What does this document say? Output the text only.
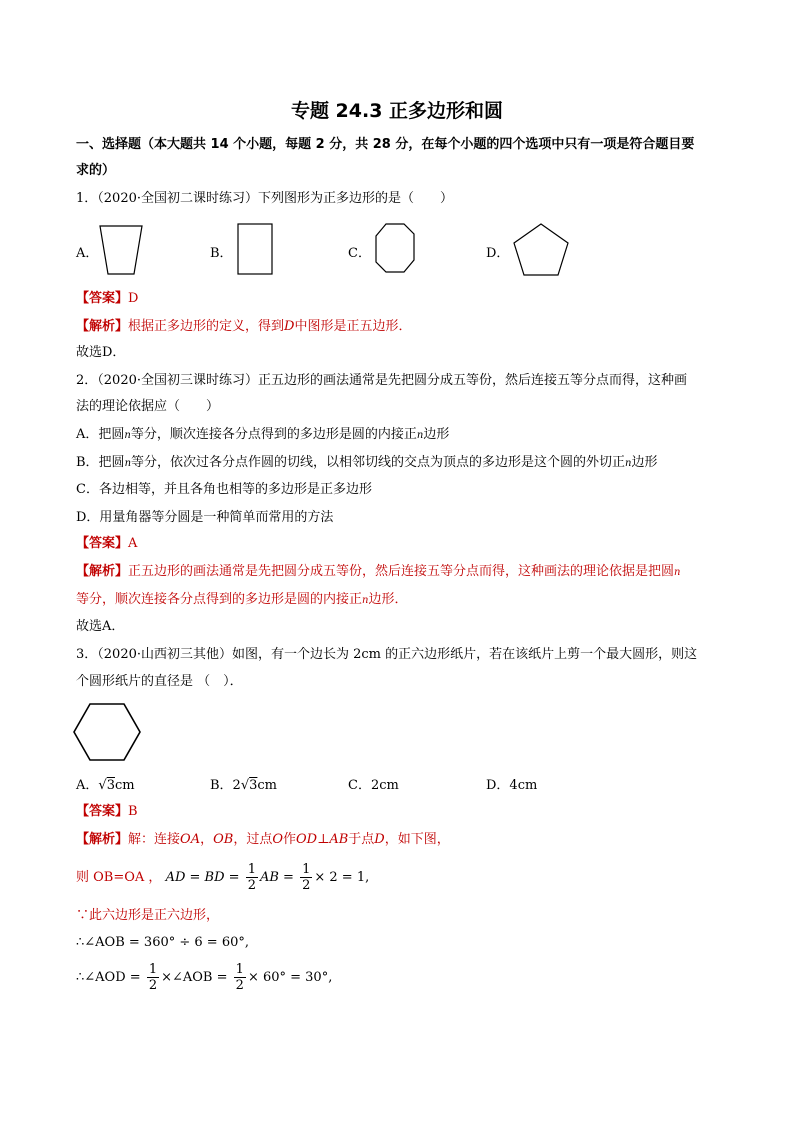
专题 24.3 正多边形和圆
一、选择题（本大题共 14 个小题，每题 2 分，共 28 分，在每个小题的四个选项中只有一项是符合题目要
求的）
1．（2020·全国初二课时练习）下列图形为正多边形的是（　　）
A．	B．	C．	D．
【答案】D
【解析】根据正多边形的定义，得到D中图形是正五边形．
故选D．
2．（2020·全国初三课时练习）正五边形的画法通常是先把圆分成五等份，然后连接五等分点而得，这种画
法的理论依据应（　　）
A．把圆n等分，顺次连接各分点得到的多边形是圆的内接正n边形
B．把圆n等分，依次过各分点作圆的切线，以相邻切线的交点为顶点的多边形是这个圆的外切正n边形
C．各边相等，并且各角也相等的多边形是正多边形
D．用量角器等分圆是一种简单而常用的方法
【答案】A
【解析】正五边形的画法通常是先把圆分成五等份，然后连接五等分点而得，这种画法的理论依据是把圆n
等分，顺次连接各分点得到的多边形是圆的内接正n边形．
故选A．
3．（2020·山西初三其他）如图，有一个边长为 2cm 的正六边形纸片，若在该纸片上剪一个最大圆形，则这
个圆形纸片的直径是 （　）．
A．√3cm	B．2√3cm	C．2cm	D．4cm
【答案】B
【解析】解：连接OA，OB，过点O作OD⊥AB于点D，如下图，
则 OB=OA ， AD = BD = $\frac{1}{2}$ AB = $\frac{1}{2} \times 2 = 1$,
∵此六边形是正六边形，
∴∠AOB = 360° ÷ 6 = 60°,
∴∠AOD = $\frac{1}{2}$ ×∠AOB = $\frac{1}{2} \times 60^\circ = 30^\circ$,
